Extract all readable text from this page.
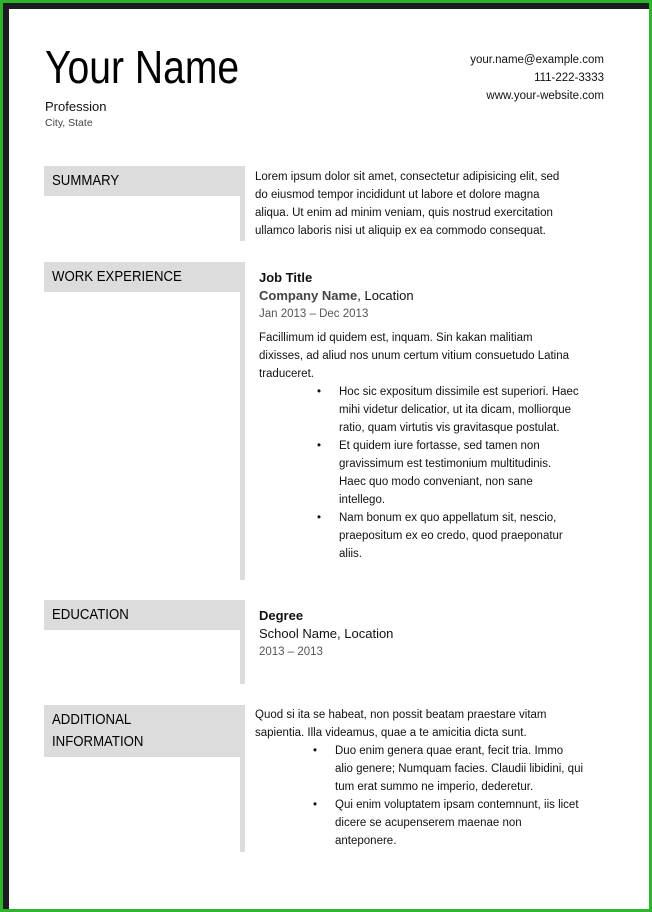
Your Name
Profession
City, State
your.name@example.com
111-222-3333
www.your-website.com
SUMMARY	Lorem ipsum dolor sit amet, consectetur adipisicing elit, sed

do eiusmod tempor incididunt ut labore et dolore magna

aliqua. Ut enim ad minim veniam, quis nostrud exercitation

ullamco laboris nisi ut aliquip ex ea commodo consequat.

WORK EXPERIENCE	Job Title
Company Name, Location
Jan 2013 – Dec 2013

Facillimum id quidem est, inquam. Sin kakan malitiam

dixisses, ad aliud nos unum certum vitium consuetudo Latina

traduceret.

• Hoc sic expositum dissimile est superiori. Haec

mihi videtur delicatior, ut ita dicam, molliorque

ratio, quam virtutis vis gravitasque postulat.

• Et quidem iure fortasse, sed tamen non

gravissimum est testimonium multitudinis.

Haec quo modo conveniant, non sane

intellego.

• Nam bonum ex quo appellatum sit, nescio,

praepositum ex eo credo, quod praeponatur

aliis.

EDUCATION	Degree
School Name, Location
2013 – 2013
ADDITIONAL
INFORMATION

Quod si ita se habeat, non possit beatam praestare vitam

sapientia. Illa videamus, quae a te amicitia dicta sunt.

• Duo enim genera quae erant, fecit tria. Immo

alio genere; Numquam facies. Claudii libidini, qui

tum erat summo ne imperio, dederetur.

• Qui enim voluptatem ipsam contemnunt, iis licet

dicere se acupenserem maenae non

anteponere.
